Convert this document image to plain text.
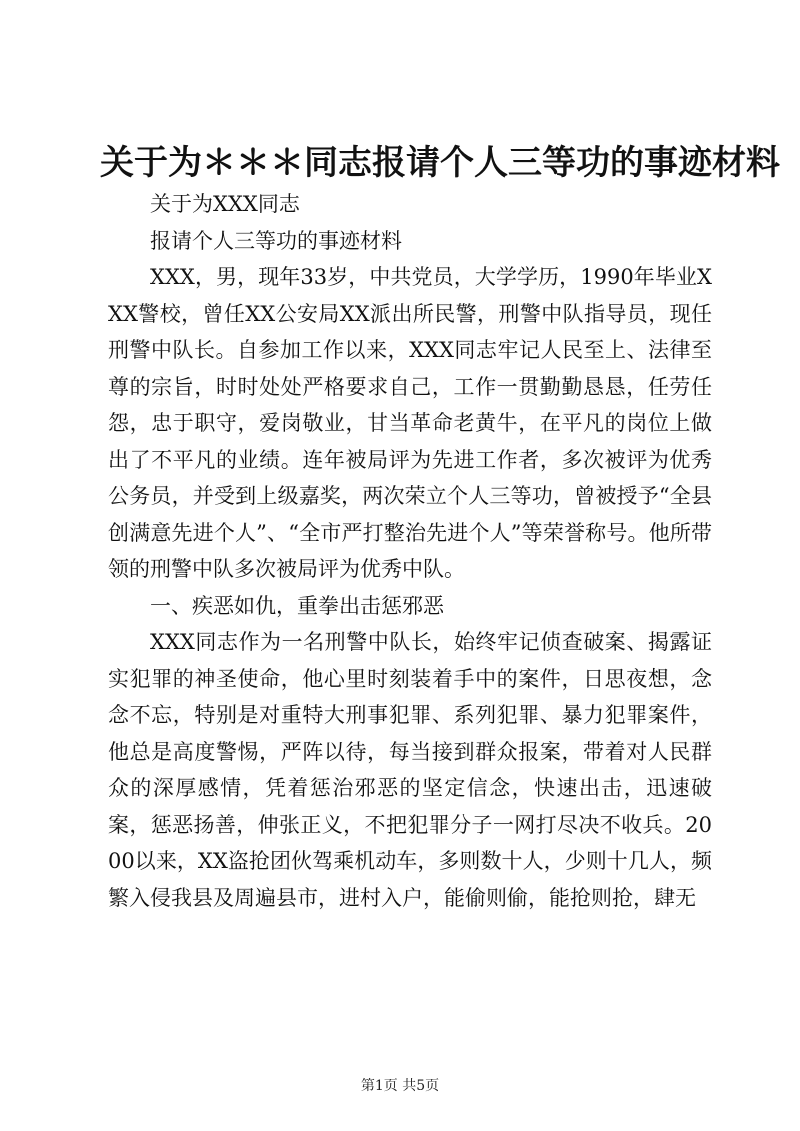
关于为＊＊＊同志报请个人三等功的事迹材料

关于为XXX同志

报请个人三等功的事迹材料

XXX，男，现年33岁，中共党员，大学学历，1990年毕业XXX警校，曾任XX公安局XX派出所民警，刑警中队指导员，现任刑警中队长。自参加工作以来，XXX同志牢记人民至上、法律至尊的宗旨，时时处处严格要求自己，工作一贯勤勤恳恳，任劳任怨，忠于职守，爱岗敬业，甘当革命老黄牛，在平凡的岗位上做出了不平凡的业绩。连年被局评为先进工作者，多次被评为优秀公务员，并受到上级嘉奖，两次荣立个人三等功，曾被授予“全县创满意先进个人”、“全市严打整治先进个人”等荣誉称号。他所带领的刑警中队多次被局评为优秀中队。

一、疾恶如仇，重拳出击惩邪恶

XXX同志作为一名刑警中队长，始终牢记侦查破案、揭露证实犯罪的神圣使命，他心里时刻装着手中的案件，日思夜想，念念不忘，特别是对重特大刑事犯罪、系列犯罪、暴力犯罪案件，他总是高度警惕，严阵以待，每当接到群众报案，带着对人民群众的深厚感情，凭着惩治邪恶的坚定信念，快速出击，迅速破案，惩恶扬善，伸张正义，不把犯罪分子一网打尽决不收兵。2000以来，XX盗抢团伙驾乘机动车，多则数十人，少则十几人，频繁入侵我县及周遍县市，进村入户，能偷则偷，能抢则抢，肆无

第1页 共5页
